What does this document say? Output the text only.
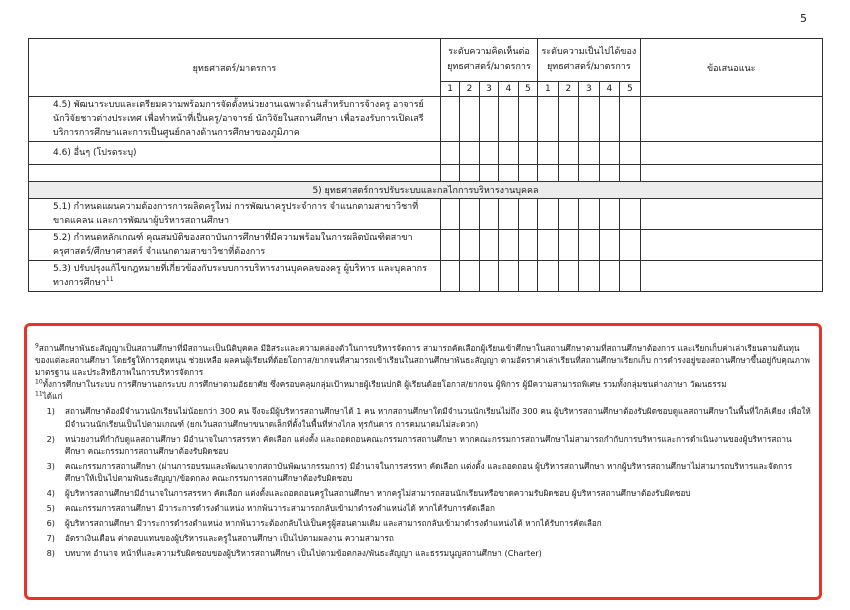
5
ยุทธศาสตร์/มาตรการ	ระดับความคิดเห็นต่อยุทธศาสตร์/มาตรการ					ระดับความเป็นไปได้ของยุทธศาสตร์/มาตรการ					ข้อเสนอแนะ
	1	2	3	4	5	1	2	3	4	5	
4.5) พัฒนาระบบและเตรียมความพร้อมการจัดตั้งหน่วยงานเฉพาะด้านสำหรับการจ้างครู อาจารย์ นักวิจัยชาวต่างประเทศ เพื่อทำหน้าที่เป็นครู/อาจารย์ นักวิจัยในสถานศึกษา เพื่อรองรับการเปิดเสรีบริการการศึกษาและการเป็นศูนย์กลางด้านการศึกษาของภูมิภาค											
4.6) อื่นๆ (โปรดระบุ)											

5) ยุทธศาสตร์การปรับระบบและกลไกการบริหารงานบุคคล											
5.1) กำหนดแผนความต้องการการผลิตครูใหม่ การพัฒนาครูประจำการ จำแนกตามสาขาวิชาที่ขาดแคลน และการพัฒนาผู้บริหารสถานศึกษา											
5.2) กำหนดหลักเกณฑ์ คุณสมบัติของสถาบันการศึกษาที่มีความพร้อมในการผลิตบัณฑิตสาขาครุศาสตร์/ศึกษาศาสตร์ จำแนกตามสาขาวิชาที่ต้องการ											
5.3) ปรับปรุงแก้ไขกฎหมายที่เกี่ยวข้องกับระบบการบริหารงานบุคคลของครู ผู้บริหาร และบุคลากรทางการศึกษา$^{11}$											
$^9$สถานศึกษาพันธะสัญญาเป็นสถานศึกษาที่มีสถานะเป็นนิติบุคคล มีอิสระและความคล่องตัวในการบริหารจัดการ สามารถคัดเลือกผู้เรียนเข้าศึกษาในสถานศึกษาตามที่สถานศึกษาต้องการ และเรียกเก็บค่าเล่าเรียนตามต้นทุนของแต่ละสถานศึกษา โดยรัฐให้การอุดหนุน ช่วยเหลือ ผลคนผู้เรียนที่ด้อยโอกาส/ยากจนที่สามารถเข้าเรียนในสถานศึกษาพันธะสัญญา ตามอัตราค่าเล่าเรียนที่สถานศึกษาเรียกเก็บ การดำรงอยู่ของสถานศึกษาขึ้นอยู่กับคุณภาพมาตรฐาน และประสิทธิภาพในการบริหารจัดการ
$^{10}$ทั้งการศึกษาในระบบ การศึกษานอกระบบ การศึกษาตามอัธยาศัย ซึ่งครอบคลุมกลุ่มเป้าหมายผู้เรียนปกติ ผู้เรียนด้อยโอกาส/ยากจน ผู้พิการ ผู้มีความสามารถพิเศษ รวมทั้งกลุ่มชนต่างภาษา วัฒนธรรม
$^{11}$ได้แก่
1)	สถานศึกษาต้องมีจำนวนนักเรียนไม่น้อยกว่า 300 คน จึงจะมีผู้บริหารสถานศึกษาได้ 1 คน หากสถานศึกษาใดมีจำนวนนักเรียนไม่ถึง 300 คน ผู้บริหารสถานศึกษาต้องรับผิดชอบดูแลสถานศึกษาในพื้นที่ใกล้เคียง เพื่อให้มีจำนวนนักเรียนเป็นไปตามเกณฑ์ (ยกเว้นสถานศึกษาขนาดเล็กที่ตั้งในพื้นที่ห่างไกล ทุรกันดาร การคมนาคมไม่สะดวก)
2)	หน่วยงานที่กำกับดูแลสถานศึกษา มีอำนาจในการสรรหา คัดเลือก แต่งตั้ง และถอดถอนคณะกรรมการสถานศึกษา หากคณะกรรมการสถานศึกษาไม่สามารถกำกับการบริหารและการดำเนินงานของผู้บริหารสถานศึกษา คณะกรรมการสถานศึกษาต้องรับผิดชอบ
3)	คณะกรรมการสถานศึกษา (ผ่านการอบรมและพัฒนาจากสถาบันพัฒนากรรมการ) มีอำนาจในการสรรหา คัดเลือก แต่งตั้ง และถอดถอน ผู้บริหารสถานศึกษา หากผู้บริหารสถานศึกษาไม่สามารถบริหารและจัดการศึกษาให้เป็นไปตามพันธะสัญญา/ข้อตกลง คณะกรรมการสถานศึกษาต้องรับผิดชอบ
4)	ผู้บริหารสถานศึกษามีอำนาจในการสรรหา คัดเลือก แต่งตั้งและถอดถอนครูในสถานศึกษา หากครูไม่สามารถสอนนักเรียนหรือขาดความรับผิดชอบ ผู้บริหารสถานศึกษาต้องรับผิดชอบ
5)	คณะกรรมการสถานศึกษา มีวาระการดำรงตำแหน่ง หากพ้นวาระสามารถกลับเข้ามาดำรงตำแหน่งได้ หากได้รับการคัดเลือก
6)	ผู้บริหารสถานศึกษา มีวาระการดำรงตำแหน่ง หากพ้นวาระต้องกลับไปเป็นครูผู้สอนตามเดิม และสามารถกลับเข้ามาดำรงตำแหน่งได้ หากได้รับการคัดเลือก
7)	อัตราเงินเดือน ค่าตอบแทนของผู้บริหารและครูในสถานศึกษา เป็นไปตามผลงาน ความสามารถ
8)	บทบาท อำนาจ หน้าที่และความรับผิดชอบของผู้บริหารสถานศึกษา เป็นไปตามข้อตกลง/พันธะสัญญา และธรรมนูญสถานศึกษา (Charter)
